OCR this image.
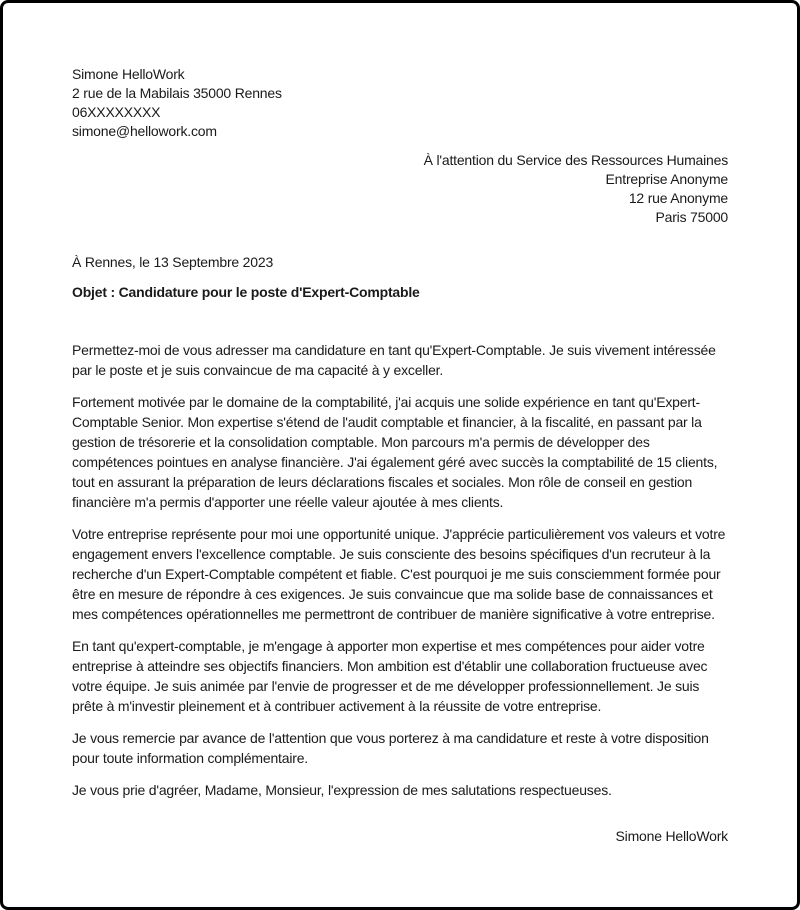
Simone HelloWork
2 rue de la Mabilais 35000 Rennes
06XXXXXXXX
simone@hellowork.com
À l'attention du Service des Ressources Humaines
Entreprise Anonyme
12 rue Anonyme
Paris 75000
À Rennes, le 13 Septembre 2023
Objet : Candidature pour le poste d'Expert-Comptable

Permettez-moi de vous adresser ma candidature en tant qu'Expert-Comptable. Je suis vivement intéressée par le poste et je suis convaincue de ma capacité à y exceller.

Fortement motivée par le domaine de la comptabilité, j'ai acquis une solide expérience en tant qu'Expert-Comptable Senior. Mon expertise s'étend de l'audit comptable et financier, à la fiscalité, en passant par la gestion de trésorerie et la consolidation comptable. Mon parcours m'a permis de développer des compétences pointues en analyse financière. J'ai également géré avec succès la comptabilité de 15 clients, tout en assurant la préparation de leurs déclarations fiscales et sociales. Mon rôle de conseil en gestion financière m'a permis d'apporter une réelle valeur ajoutée à mes clients.

Votre entreprise représente pour moi une opportunité unique. J'apprécie particulièrement vos valeurs et votre engagement envers l'excellence comptable. Je suis consciente des besoins spécifiques d'un recruteur à la recherche d'un Expert-Comptable compétent et fiable. C'est pourquoi je me suis consciemment formée pour être en mesure de répondre à ces exigences. Je suis convaincue que ma solide base de connaissances et mes compétences opérationnelles me permettront de contribuer de manière significative à votre entreprise.

En tant qu'expert-comptable, je m'engage à apporter mon expertise et mes compétences pour aider votre entreprise à atteindre ses objectifs financiers. Mon ambition est d'établir une collaboration fructueuse avec votre équipe. Je suis animée par l'envie de progresser et de me développer professionnellement. Je suis prête à m'investir pleinement et à contribuer activement à la réussite de votre entreprise.

Je vous remercie par avance de l'attention que vous porterez à ma candidature et reste à votre disposition pour toute information complémentaire.

Je vous prie d'agréer, Madame, Monsieur, l'expression de mes salutations respectueuses.

Simone HelloWork
